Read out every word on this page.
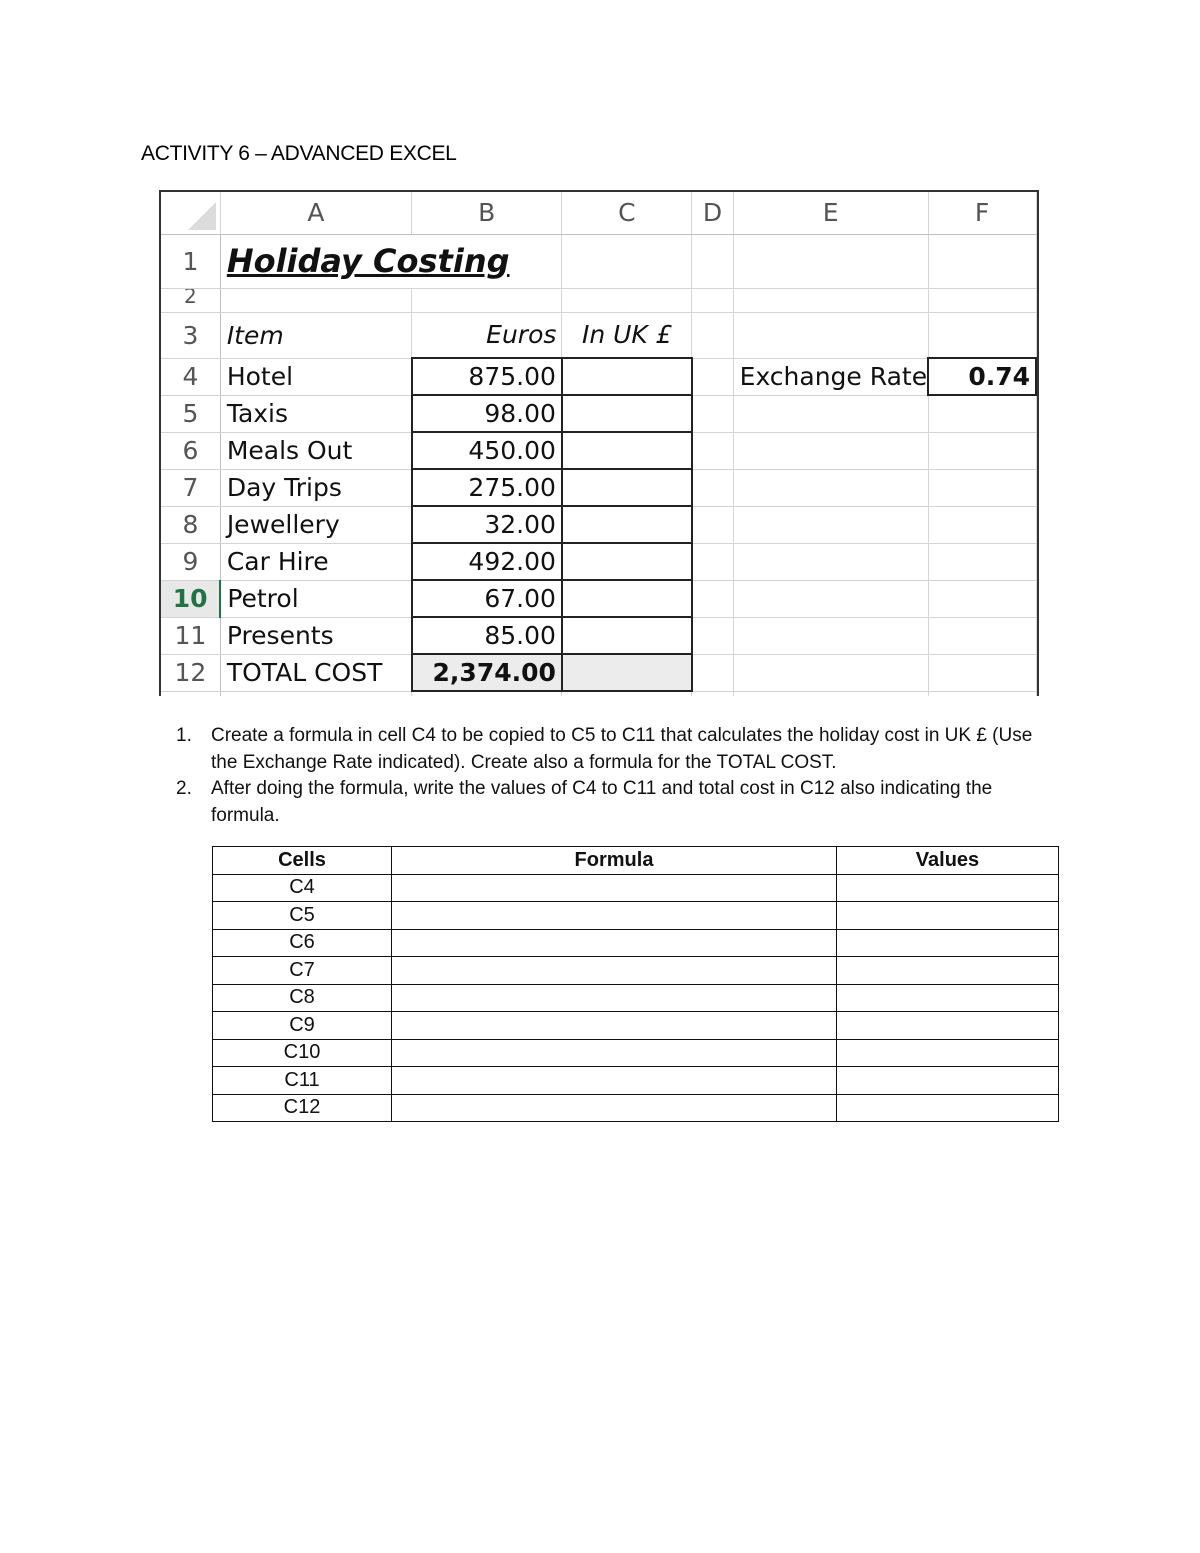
ACTIVITY 6 – ADVANCED EXCEL
	A	B	C	D	E	F
1	Holiday Costing					
2						
3	Item	Euros	In UK £			
4	Hotel	875.00			Exchange Rate	0.74
5	Taxis	98.00				
6	Meals Out	450.00				
7	Day Trips	275.00				
8	Jewellery	32.00				
9	Car Hire	492.00				
10	Petrol	67.00				
11	Presents	85.00				
12	TOTAL COST	2,374.00				

1. Create a formula in cell C4 to be copied to C5 to C11 that calculates the holiday cost in UK £ (Use the Exchange Rate indicated). Create also a formula for the TOTAL COST.
2. After doing the formula, write the values of C4 to C11 and total cost in C12 also indicating the formula.
Cells	Formula	Values
C4		
C5		
C6		
C7		
C8		
C9		
C10		
C11		
C12		
